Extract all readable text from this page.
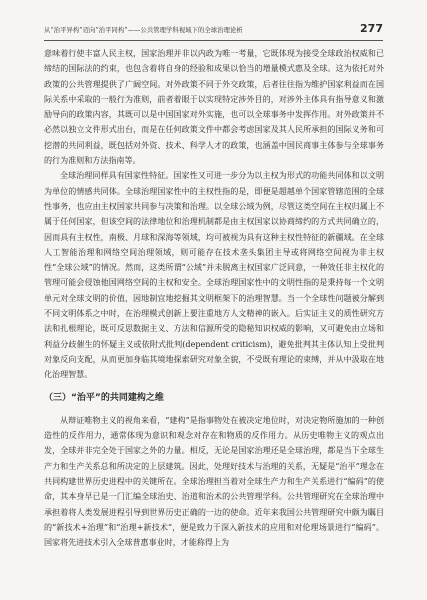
从“治平异构”迈向“治平同构”——公共管理学科视域下的全球治理论析	277

意味着行使丰富人民主权，国家治理并非以内政为唯一考量，它既体现为接受全球政治权威和已缔结的国际法的约束，也包含着将自身的经验和成果以恰当的增量模式惠及全球。这为依托对外政策的公共管理提供了广阔空间。对外政策不同于外交政策，后者往往指为维护国家利益而在国际关系中采取的一般行为准则，前者着眼于以实现特定涉外目的，对涉外主体具有指导意义和激励导向的政策内容，其既可以是中国国家对外实施，也可以全球事务中发挥作用。对外政策并不必然以独立文件形式出台，而是在任何政策文件中都会考虑国家及其人民所承担的国际义务和可挖潜的共同利益，既包括对外资、技术、科学人才的政策，也涵盖中国民商事主体参与全球事务的行为准则和方法指南等。

全球治理同样具有国家性特征。国家性又可进一步分为以主权为形式的功能共同体和以文明为单位的情感共同体。全球治理国家性中的主权性指的是，即便是超越单个国家管辖范围的全球性事务，也应由主权国家共同参与决策和治理。以全球公域为例，尽管这类空间在主权归属上不属于任何国家，但该空间的法律地位和治理机制都是由主权国家以协商缔约的方式共同确立的，因而具有主权性，南极、月球和深海等领域，均可被视为具有这种主权性特征的新疆域。在全球人工智能治理和网络空间治理领域，则可能存在技术垄头集团主导或将网络空间视为非主权性“全球公域”的情况。然而，这类所谓“公域”并未脱离主权国家广泛同意，一种效任非主权化的管理可能会侵蚀他国网络空间的主权和安全。全球治理国家性中的文明性指的是秉持每一个文明单元对全球文明的价值，因地制宜地挖掘其文明框架下的治理智慧。当一个全球性问题被分解到不同文明体系之中时，在治理模式创新上要注重地方人文精神的嵌入。后实证主义的质性研究方法和扎根理论，既可反思数据主义、方法和信源所受的隐秘知识权威的影响，又可避免由立场和利益分歧催生的怀疑主义或依附式批判(dependent criticism)，避免批判其主体认知上受批判对象反向支配，从而更加身临其境地探索研究对象全貌，不受既有理论的束缚，并从中汲取在地化治理智慧。

（三）“治平”的共同建构之维

从辩证唯物主义的视角来看，“建构”是指事物处在被决定地位时，对决定物所施加的一种创造性的反作用力，通常体现为意识和观念对存在和物质的反作用力。从历史唯物主义的观点出发，全球并非完全处于国家之外的力量。相反，无论是国家治理还是全球治理，都是当下全球生产力和生产关系总和所决定的上层建筑。因此，处理好技术与治理的关系，无疑是“治平”理念在共同构建世界历史进程中的关键所在。全球治理担当着对全球生产力和生产关系进行“编码”的使命，其本身早已是一门汇编全球治史、治道和治术的公共管理学科。公共管理研究在全球治理中承担着将人类发展进程引导到世界历史正确的一边的使命。近年来我国公共管理研究中颇为瞩目的“新技术+治理”和“治理+新技术”，便是致力于深入新技术的应用和对伦理场景进行“编码”。国家将先进技术引入全球普惠事业时，才能称得上为
